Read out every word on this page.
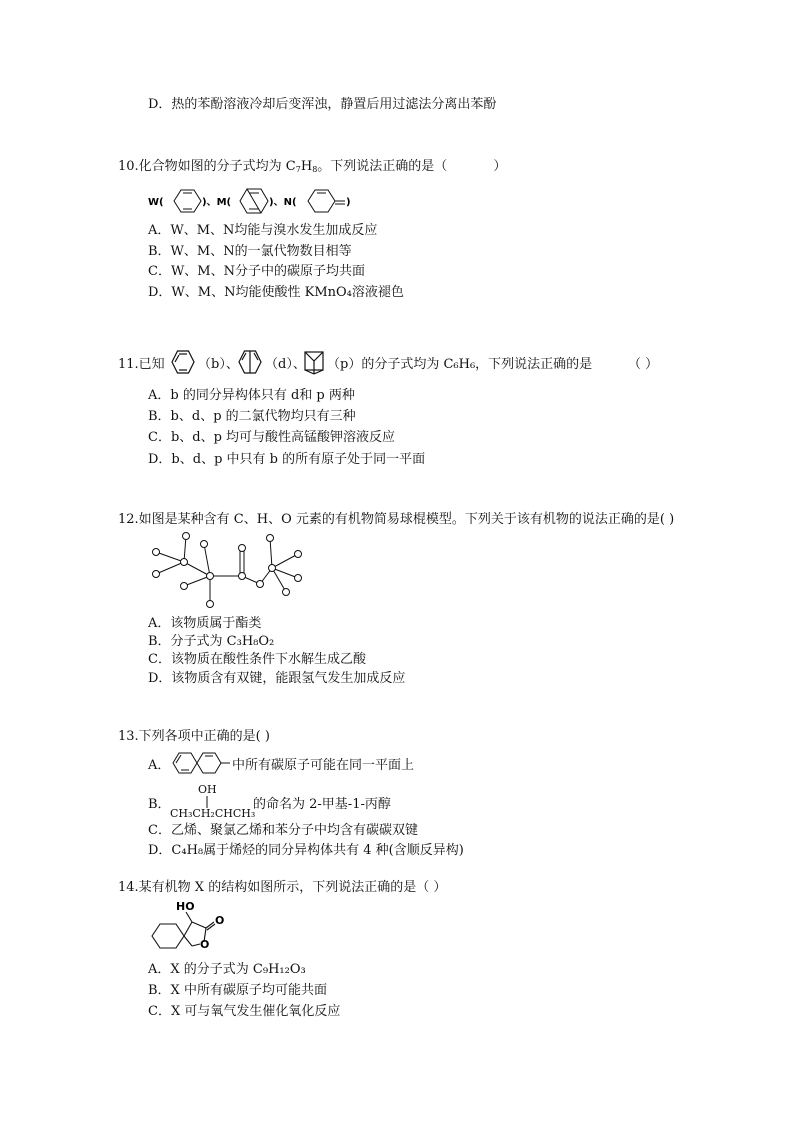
D．热的苯酚溶液冷却后变浑浊，静置后用过滤法分离出苯酚
10.化合物如图的分子式均为 $C_7H_8$。下列说法正确的是（	）
W(	)、M(	)、N(	)
A．W、M、N均能与溴水发生加成反应
B．W、M、N的一氯代物数目相等
C．W、M、N分子中的碳原子均共面
D．W、M、N均能使酸性 KMnO₄溶液褪色
11.已知	（b）、 （d）、 （p）的分子式均为 C₆H₆，下列说法正确的是	（ ）
A．b 的同分异构体只有 d和 p 两种
B．b、d、p 的二氯代物均只有三种
C．b、d、p 均可与酸性高锰酸钾溶液反应
D．b、d、p 中只有 b 的所有原子处于同一平面
12.如图是某种含有 C、H、O 元素的有机物简易球棍模型。下列关于该有机物的说法正确的是( )
A．该物质属于酯类
B．分子式为 C₃H₈O₂
C．该物质在酸性条件下水解生成乙酸
D．该物质含有双键，能跟氢气发生加成反应
13.下列各项中正确的是( )
A．	中所有碳原子可能在同一平面上
B．
OH
CH₃CH₂CHCH₃
的命名为 2-甲基-1-丙醇
C．乙烯、聚氯乙烯和苯分子中均含有碳碳双键
D．C₄H₈属于烯烃的同分异构体共有 4 种(含顺反异构)
14.某有机物 X 的结构如图所示，下列说法正确的是（ ）
HO
O
O
A．X 的分子式为 C₉H₁₂O₃
B．X 中所有碳原子均可能共面
C．X 可与氧气发生催化氧化反应
